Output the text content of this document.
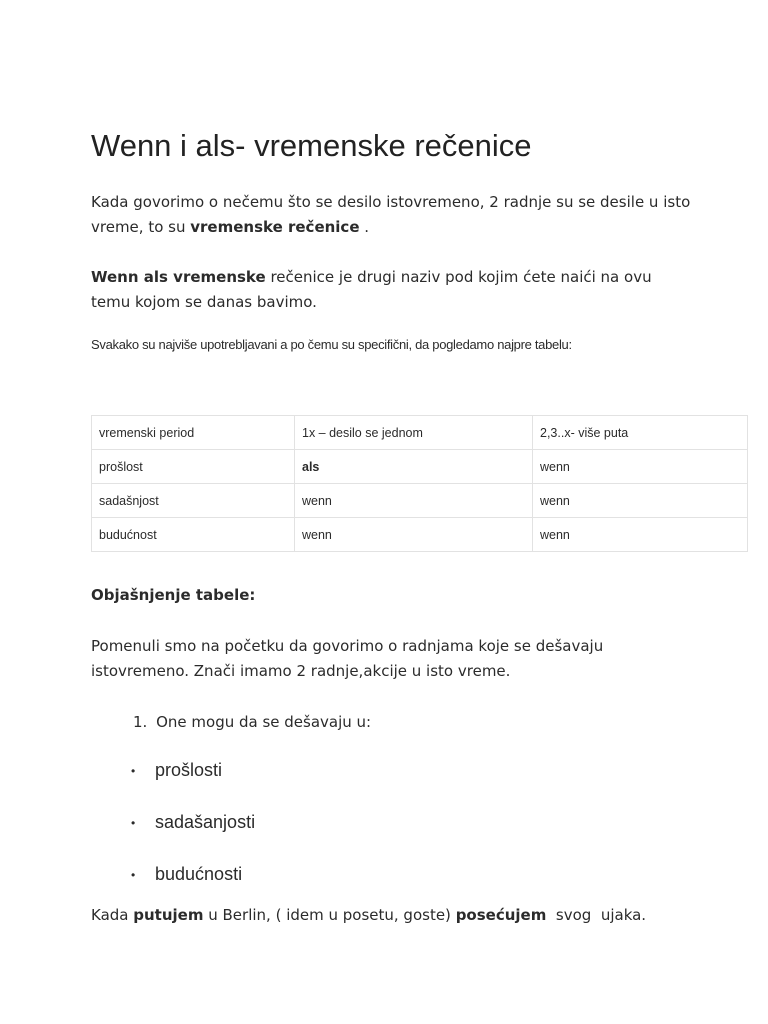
Wenn i als- vremenske rečenice

Kada govorimo o nečemu što se desilo istovremeno, 2 radnje su se desile u isto vreme, to su vremenske rečenice .

Wenn als vremenske rečenice je drugi naziv pod kojim ćete naići na ovu temu kojom se danas bavimo.

Svakako su najviše upotrebljavani a po čemu su specifični, da pogledamo najpre tabelu:

vremenski period	1x – desilo se jednom	2,3..x- više puta
prošlost	als	wenn
sadašnjost	wenn	wenn
budućnost	wenn	wenn

Objašnjenje tabele:

Pomenuli smo na početku da govorimo o radnjama koje se dešavaju istovremeno. Znači imamo 2 radnje,akcije u isto vreme.

1. One mogu da se dešavaju u:
• prošlosti
• sadašanjosti
• budućnosti

Kada putujem u Berlin, ( idem u posetu, goste) posećujem  svog  ujaka.
